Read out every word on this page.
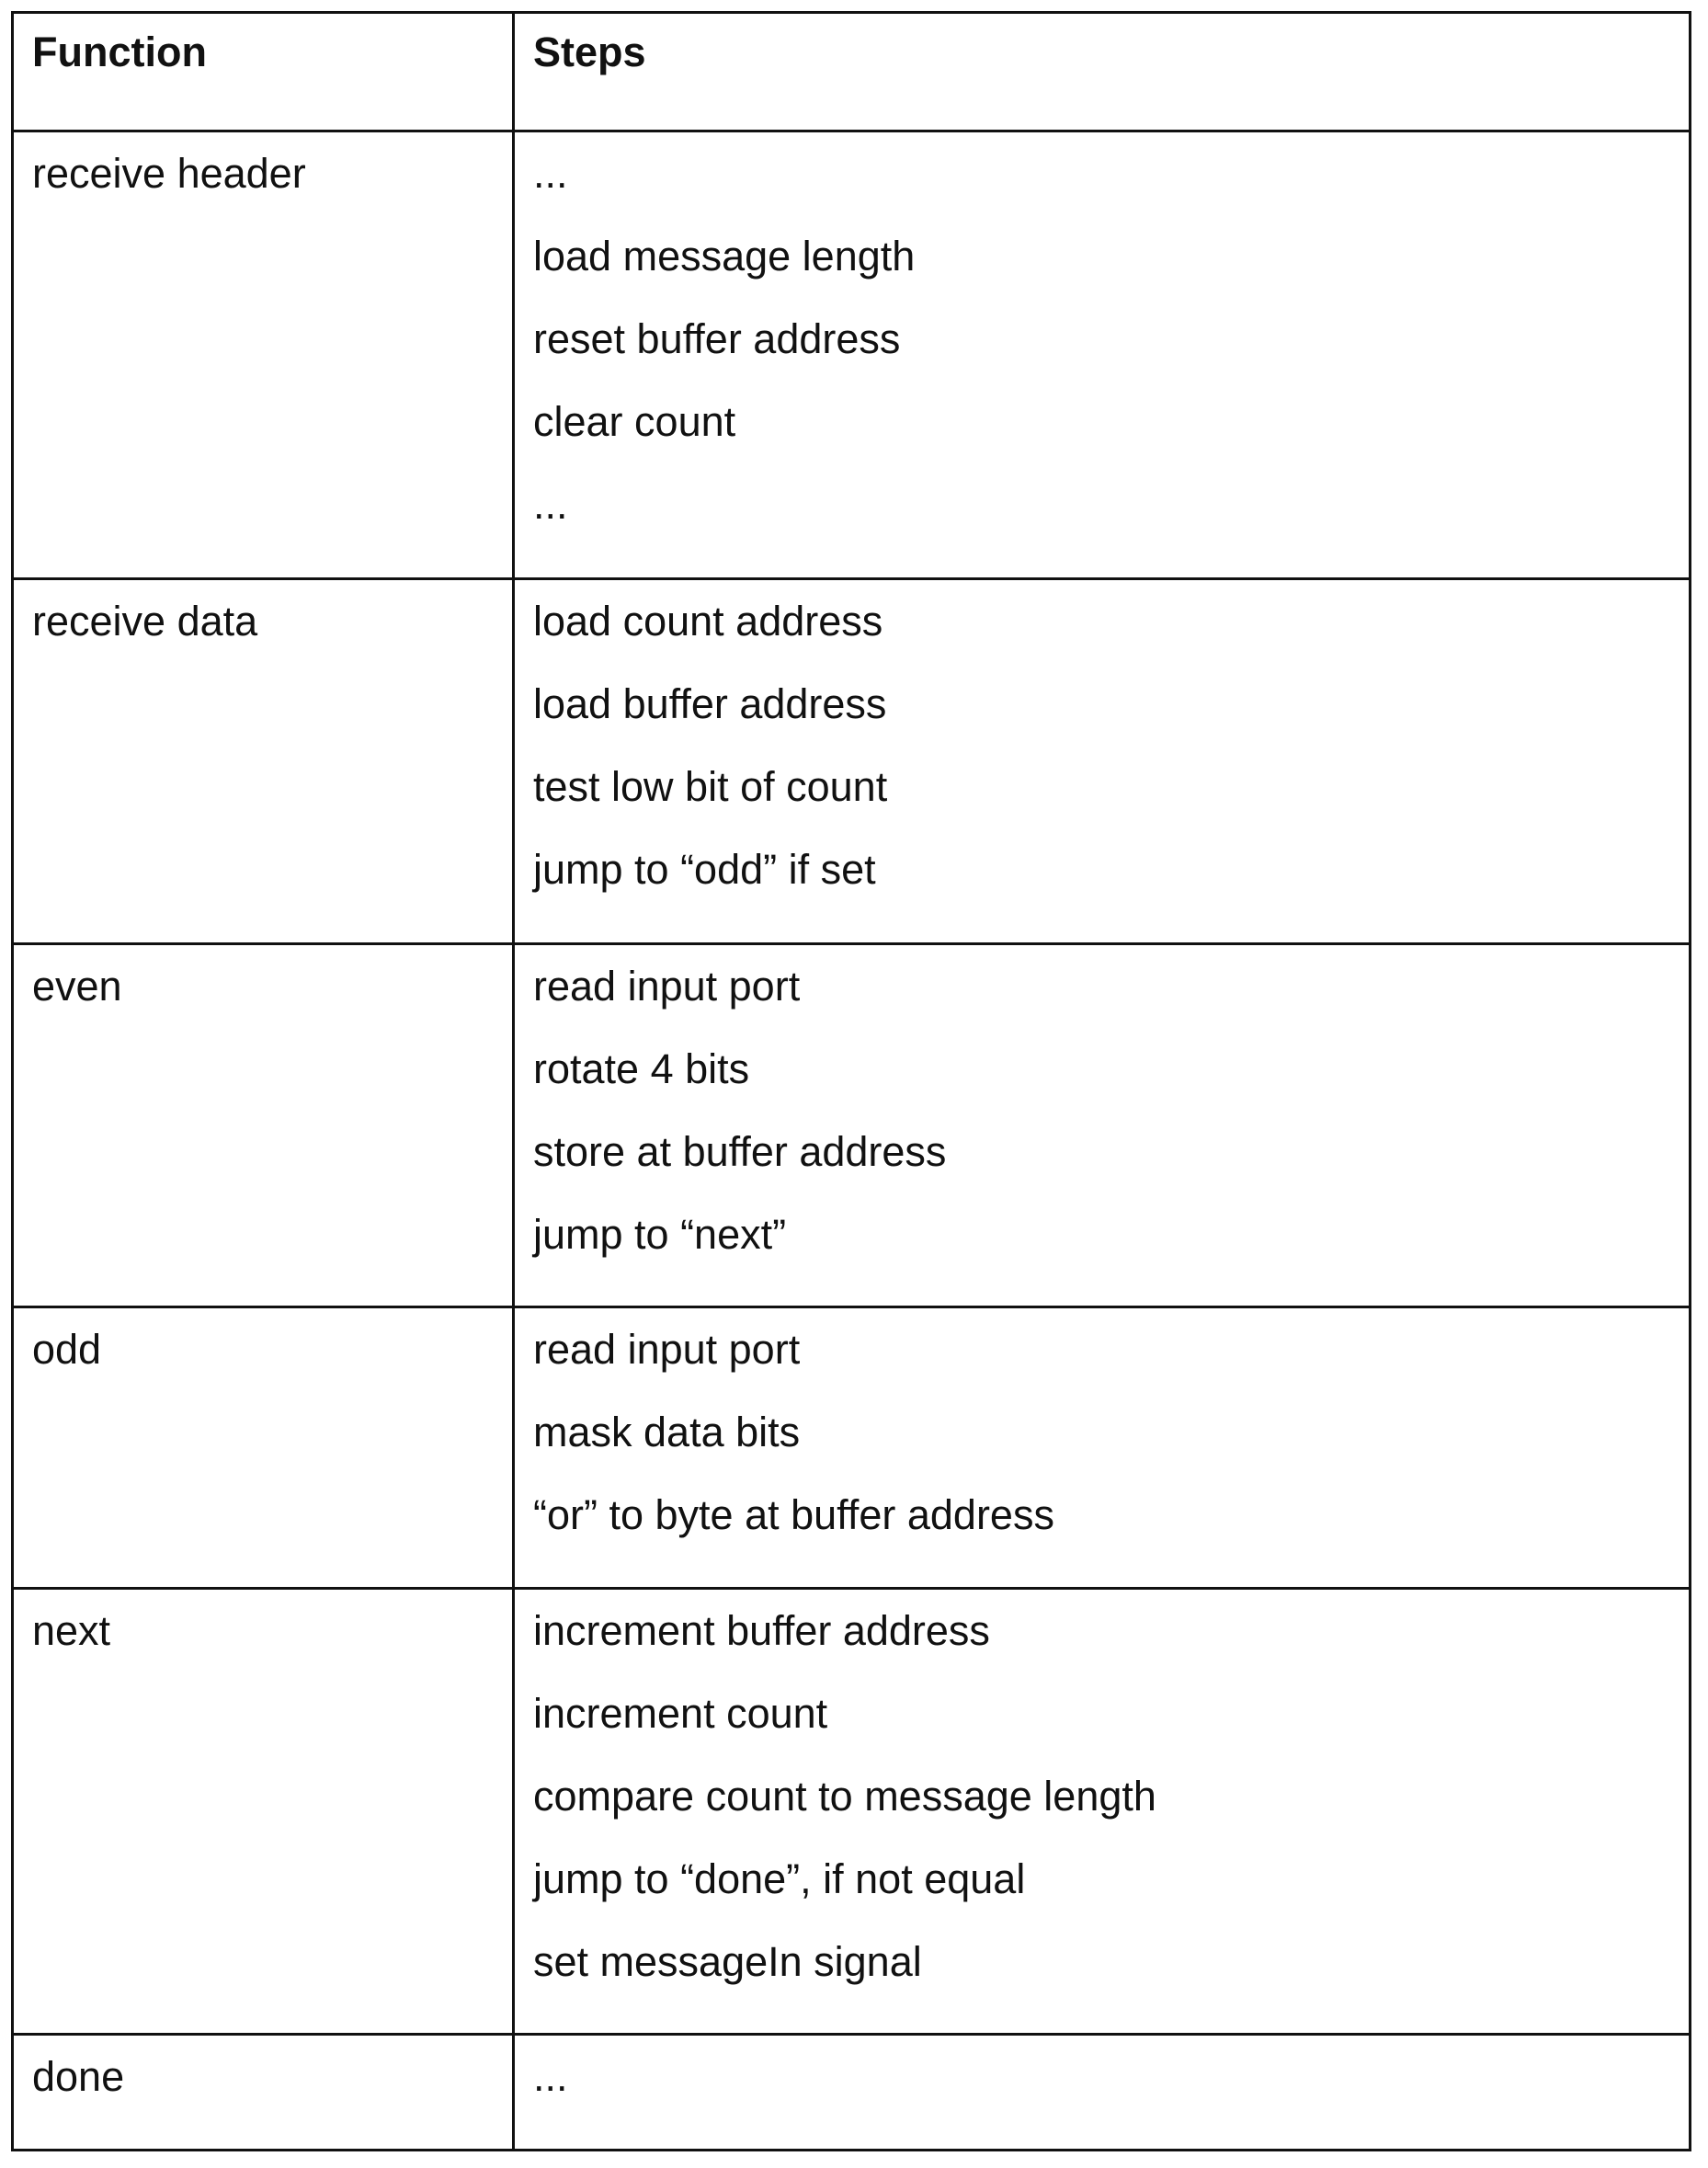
Function	Steps
receive header	...
load message length
reset buffer address
clear count
...

receive data	load count address
load buffer address
test low bit of count
jump to “odd” if set

even	read input port
rotate 4 bits
store at buffer address
jump to “next”

odd	read input port
mask data bits
“or” to byte at buffer address

next	increment buffer address
increment count
compare count to message length
jump to “done”, if not equal
set messageIn signal

done	...
